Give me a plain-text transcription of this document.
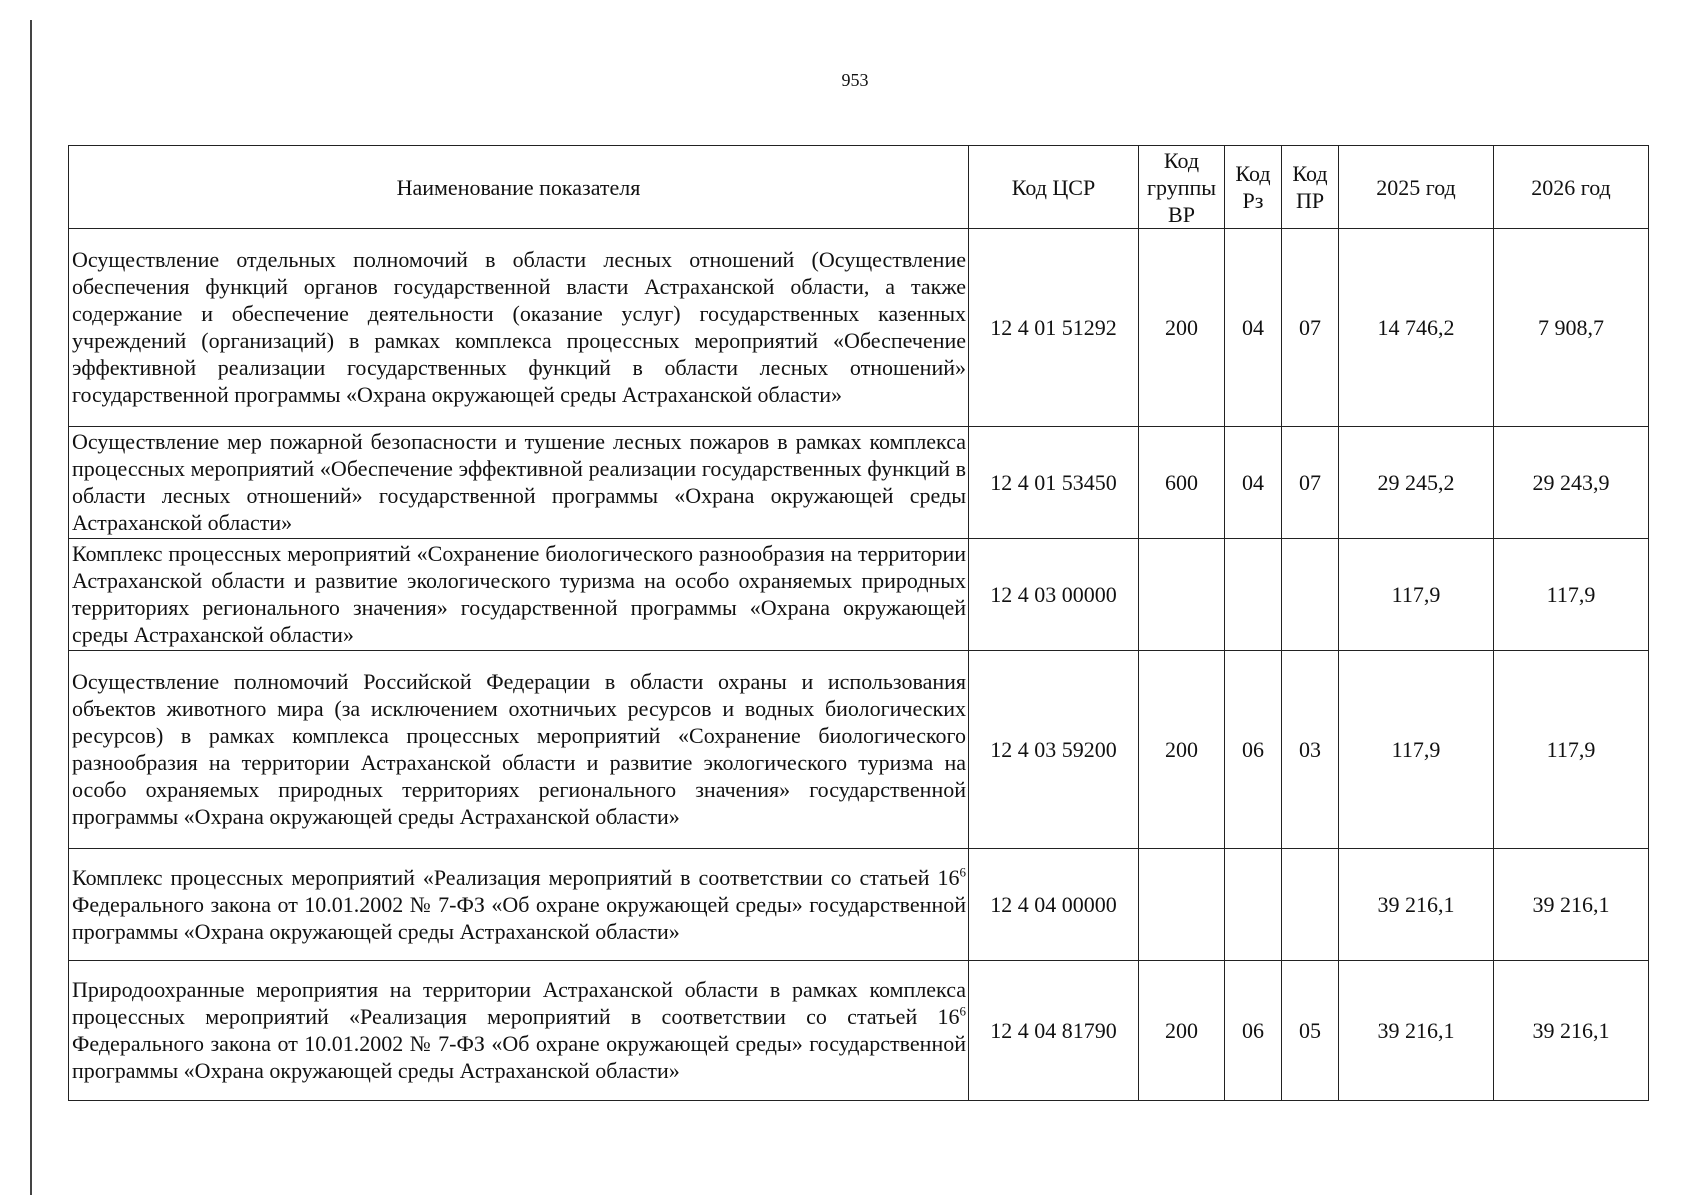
953
Наименование показателя	Код ЦСР	Код группы ВР	Код Рз	Код ПР	2025 год	2026 год
Осуществление отдельных полномочий в области лесных отношений (Осуществление обеспечения функций органов государственной власти Астраханской области, а также содержание и обеспечение деятельности (оказание услуг) государственных казенных учреждений (организаций) в рамках комплекса процессных мероприятий «Обеспечение эффективной реализации государственных функций в области лесных отношений» государственной программы «Охрана окружающей среды Астраханской области»	12 4 01 51292	200	04	07	14 746,2	7 908,7
Осуществление мер пожарной безопасности и тушение лесных пожаров в рамках комплекса процессных мероприятий «Обеспечение эффективной реализации государственных функций в области лесных отношений» государственной программы «Охрана окружающей среды Астраханской области»	12 4 01 53450	600	04	07	29 245,2	29 243,9
Комплекс процессных мероприятий «Сохранение биологического разнообразия на территории Астраханской области и развитие экологического туризма на особо охраняемых природных территориях регионального значения» государственной программы «Охрана окружающей среды Астраханской области»	12 4 03 00000				117,9	117,9
Осуществление полномочий Российской Федерации в области охраны и использования объектов животного мира (за исключением охотничьих ресурсов и водных биологических ресурсов) в рамках комплекса процессных мероприятий «Сохранение биологического разнообразия на территории Астраханской области и развитие экологического туризма на особо охраняемых природных территориях регионального значения» государственной программы «Охрана окружающей среды Астраханской области»	12 4 03 59200	200	06	03	117,9	117,9
Комплекс процессных мероприятий «Реализация мероприятий в соответствии со статьей $16^6$ Федерального закона от 10.01.2002 № 7-ФЗ «Об охране окружающей среды» государственной программы «Охрана окружающей среды Астраханской области»	12 4 04 00000				39 216,1	39 216,1
Природоохранные мероприятия на территории Астраханской области в рамках комплекса процессных мероприятий «Реализация мероприятий в соответствии со статьей $16^6$ Федерального закона от 10.01.2002 № 7-ФЗ «Об охране окружающей среды» государственной программы «Охрана окружающей среды Астраханской области»	12 4 04 81790	200	06	05	39 216,1	39 216,1
